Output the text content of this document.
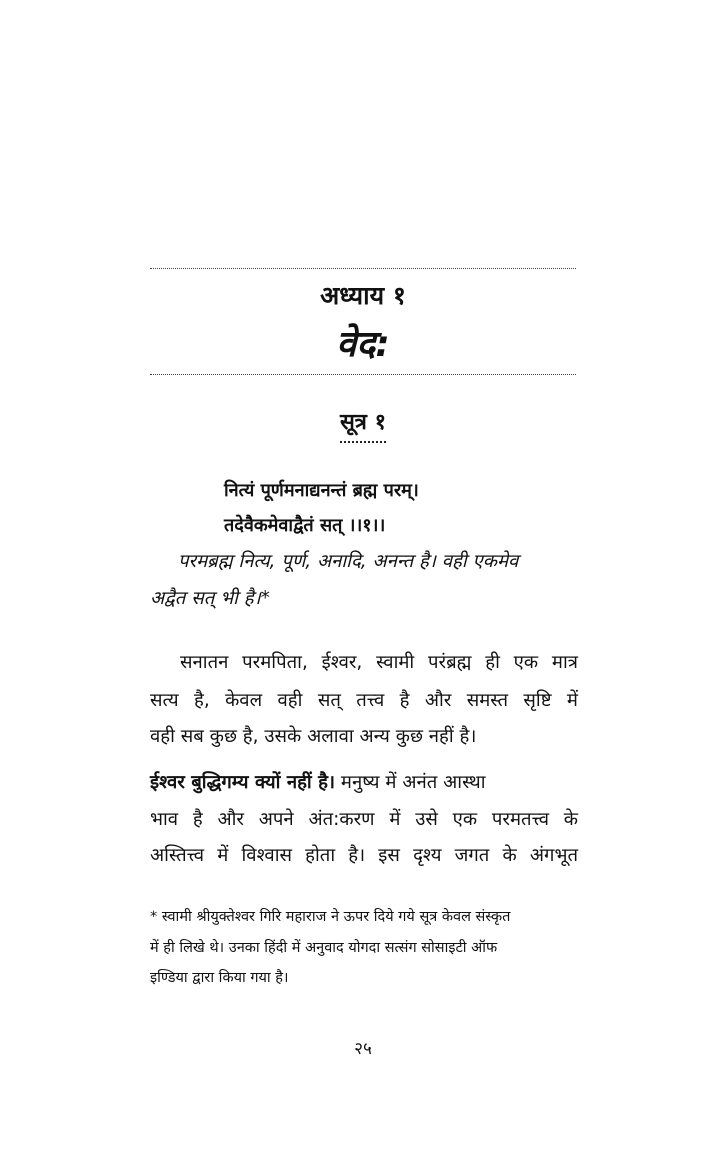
अध्याय १
वेद:
सूत्र १
नित्यं पूर्णमनाद्यनन्तं ब्रह्म परम्।
तदेवैकमेवाद्वैतं सत् ।।१।।
परमब्रह्म नित्य, पूर्ण, अनादि, अनन्त है। वही एकमेव
अद्वैत सत् भी है।*
सनातन परमपिता, ईश्वर, स्वामी परंब्रह्म ही एक मात्र
सत्य है, केवल वही सत् तत्त्व है और समस्त सृष्टि में
वही सब कुछ है, उसके अलावा अन्य कुछ नहीं है।
ईश्वर बुद्धिगम्य क्यों नहीं है। मनुष्य में अनंत आस्था
भाव है और अपने अंत:करण में उसे एक परमतत्त्व के
अस्तित्त्व में विश्वास होता है। इस दृश्य जगत के अंगभूत
* स्वामी श्रीयुक्तेश्वर गिरि महाराज ने ऊपर दिये गये सूत्र केवल संस्कृत
में ही लिखे थे। उनका हिंदी में अनुवाद योगदा सत्संग सोसाइटी ऑफ
इण्डिया द्वारा किया गया है।
२५
